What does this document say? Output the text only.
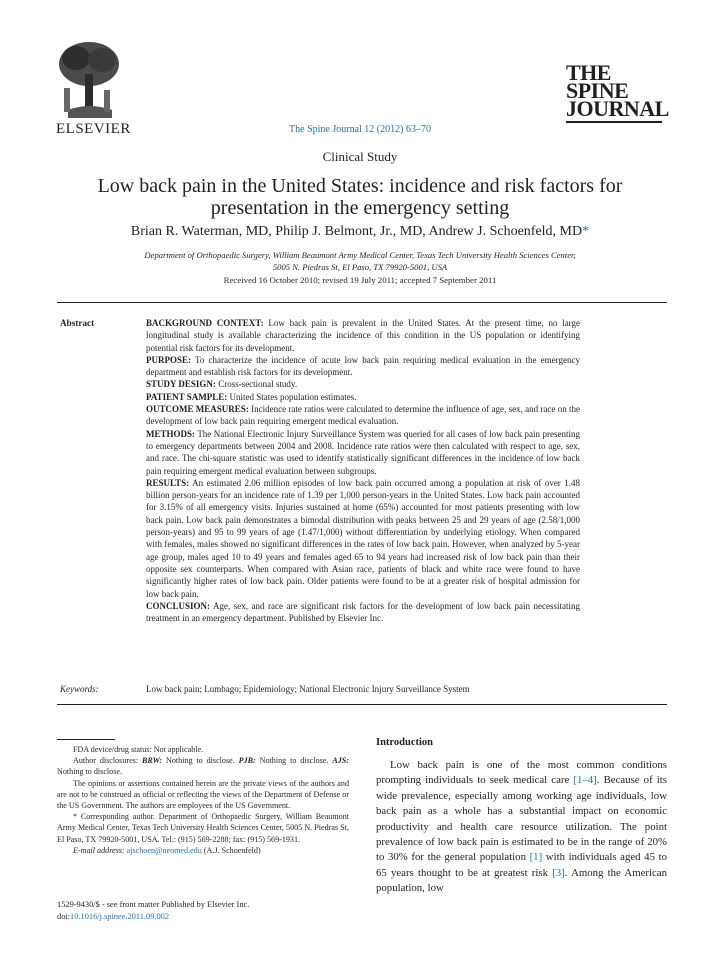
ELSEVIER	The Spine Journal 12 (2012) 63–70
THE
SPINE
JOURNAL
Clinical Study
Low back pain in the United States: incidence and risk factors for presentation in the emergency setting
Brian R. Waterman, MD, Philip J. Belmont, Jr., MD, Andrew J. Schoenfeld, MD*
Department of Orthopaedic Surgery, William Beaumont Army Medical Center, Texas Tech University Health Sciences Center,
5005 N. Piedras St, El Paso, TX 79920-5001, USA
Received 16 October 2010; revised 19 July 2011; accepted 7 September 2011
Abstract	BACKGROUND CONTEXT: Low back pain is prevalent in the United States. At the present time, no large longitudinal study is available characterizing the incidence of this condition in the US population or identifying potential risk factors for its development.

PURPOSE: To characterize the incidence of acute low back pain requiring medical evaluation in the emergency department and establish risk factors for its development.

STUDY DESIGN: Cross-sectional study.

PATIENT SAMPLE: United States population estimates.

OUTCOME MEASURES: Incidence rate ratios were calculated to determine the influence of age, sex, and race on the development of low back pain requiring emergent medical evaluation.

METHODS: The National Electronic Injury Surveillance System was queried for all cases of low back pain presenting to emergency departments between 2004 and 2008. Incidence rate ratios were then calculated with respect to age, sex, and race. The chi-square statistic was used to identify statistically significant differences in the incidence of low back pain requiring emergent medical evaluation between subgroups.

RESULTS: An estimated 2.06 million episodes of low back pain occurred among a population at risk of over 1.48 billion person-years for an incidence rate of 1.39 per 1,000 person-years in the United States. Low back pain accounted for 3.15% of all emergency visits. Injuries sustained at home (65%) accounted for most patients presenting with low back pain. Low back pain demonstrates a bimodal distribution with peaks between 25 and 29 years of age (2.58/1,000 person-years) and 95 to 99 years of age (1.47/1,000) without differentiation by underlying etiology. When compared with females, males showed no significant differences in the rates of low back pain. However, when analyzed by 5-year age group, males aged 10 to 49 years and females aged 65 to 94 years had increased risk of low back pain than their opposite sex counterparts. When compared with Asian race, patients of black and white race were found to have significantly higher rates of low back pain. Older patients were found to be at a greater risk of hospital admission for low back pain.

CONCLUSION: Age, sex, and race are significant risk factors for the development of low back pain necessitating treatment in an emergency department. Published by Elsevier Inc.

Keywords:	Low back pain; Lumbago; Epidemiology; National Electronic Injury Surveillance System

FDA device/drug status: Not applicable.

Author disclosures: BRW: Nothing to disclose. PJB: Nothing to disclose. AJS: Nothing to disclose.

The opinions or assertions contained herein are the private views of the authors and are not to be construed as official or reflecting the views of the Department of Defense or the US Government. The authors are employees of the US Government.

* Corresponding author. Department of Orthopaedic Surgery, William Beaumont Army Medical Center, Texas Tech University Health Sciences Center, 5005 N. Piedras St, El Paso, TX 79920-5001, USA. Tel.: (915) 569-2288; fax: (915) 569-1931.

E-mail address: ajschoen@neomed.edu (A.J. Schoenfeld)

1529-9430/$ - see front matter Published by Elsevier Inc.
doi:10.1016/j.spinee.2011.09.002
Introduction

Low back pain is one of the most common conditions prompting individuals to seek medical care [1–4]. Because of its wide prevalence, especially among working age individuals, low back pain as a whole has a substantial impact on economic productivity and health care resource utilization. The point prevalence of low back pain is estimated to be in the range of 20% to 30% for the general population [1] with individuals aged 45 to 65 years thought to be at greatest risk [3]. Among the American population, low
